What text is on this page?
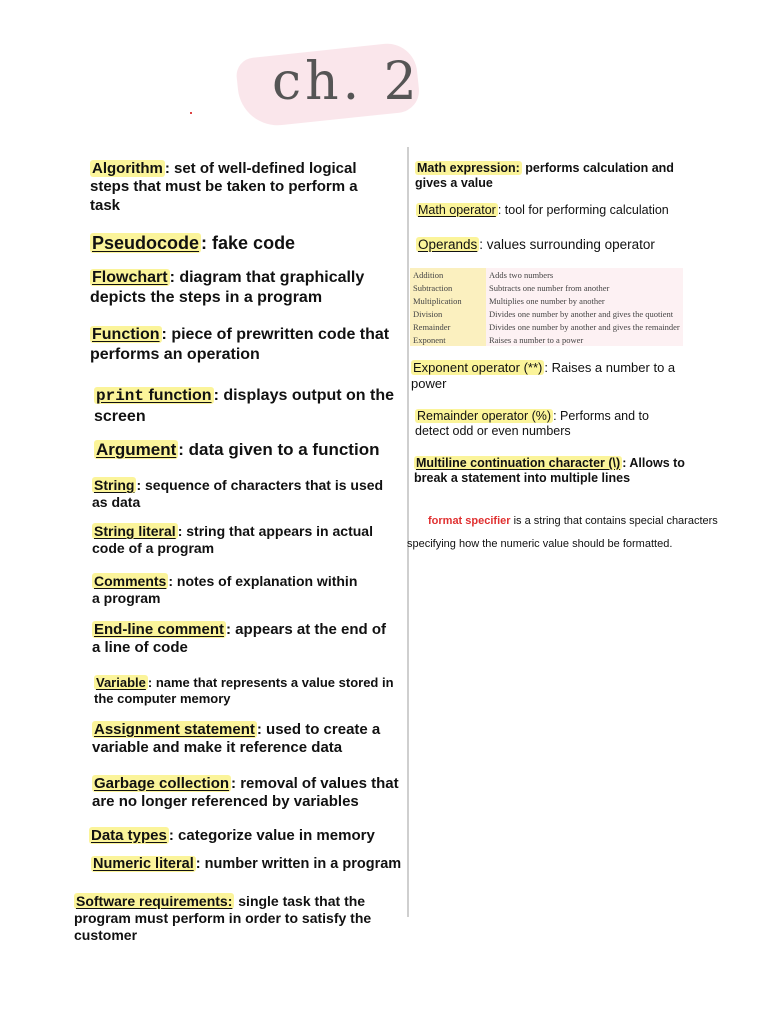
ch. 2
Algorithm : set of well-defined logical steps that must be taken to perform a task
Pseudocode : fake code
Flowchart : diagram that graphically depicts the steps in a program
Function : piece of prewritten code that performs an operation
print function : displays output on the screen
Argument : data given to a function
String : sequence of characters that is used as data
String literal : string that appears in actual code of a program
Comments : notes of explanation within a program
End-line comment : appears at the end of a line of code
Variable : name that represents a value stored in the computer memory
Assignment statement : used to create a variable and make it reference data
Garbage collection : removal of values that are no longer referenced by variables
Data types : categorize value in memory
Numeric literal : number written in a program
Software requirements: single task that the program must perform in order to satisfy the customer
Math expression: performs calculation and gives a value
Math operator : tool for performing calculation
Operands : values surrounding operator
Addition	Adds two numbers
Subtraction	Subtracts one number from another
Multiplication	Multiplies one number by another
Division	Divides one number by another and gives the quotient
Remainder	Divides one number by another and gives the remainder
Exponent	Raises a number to a power
Exponent operator (**) : Raises a number to a power
Remainder operator (%) : Performs and to detect odd or even numbers
Multiline continuation character (\) : Allows to break a statement into multiple lines
format specifier is a string that contains special characters
specifying how the numeric value should be formatted.
